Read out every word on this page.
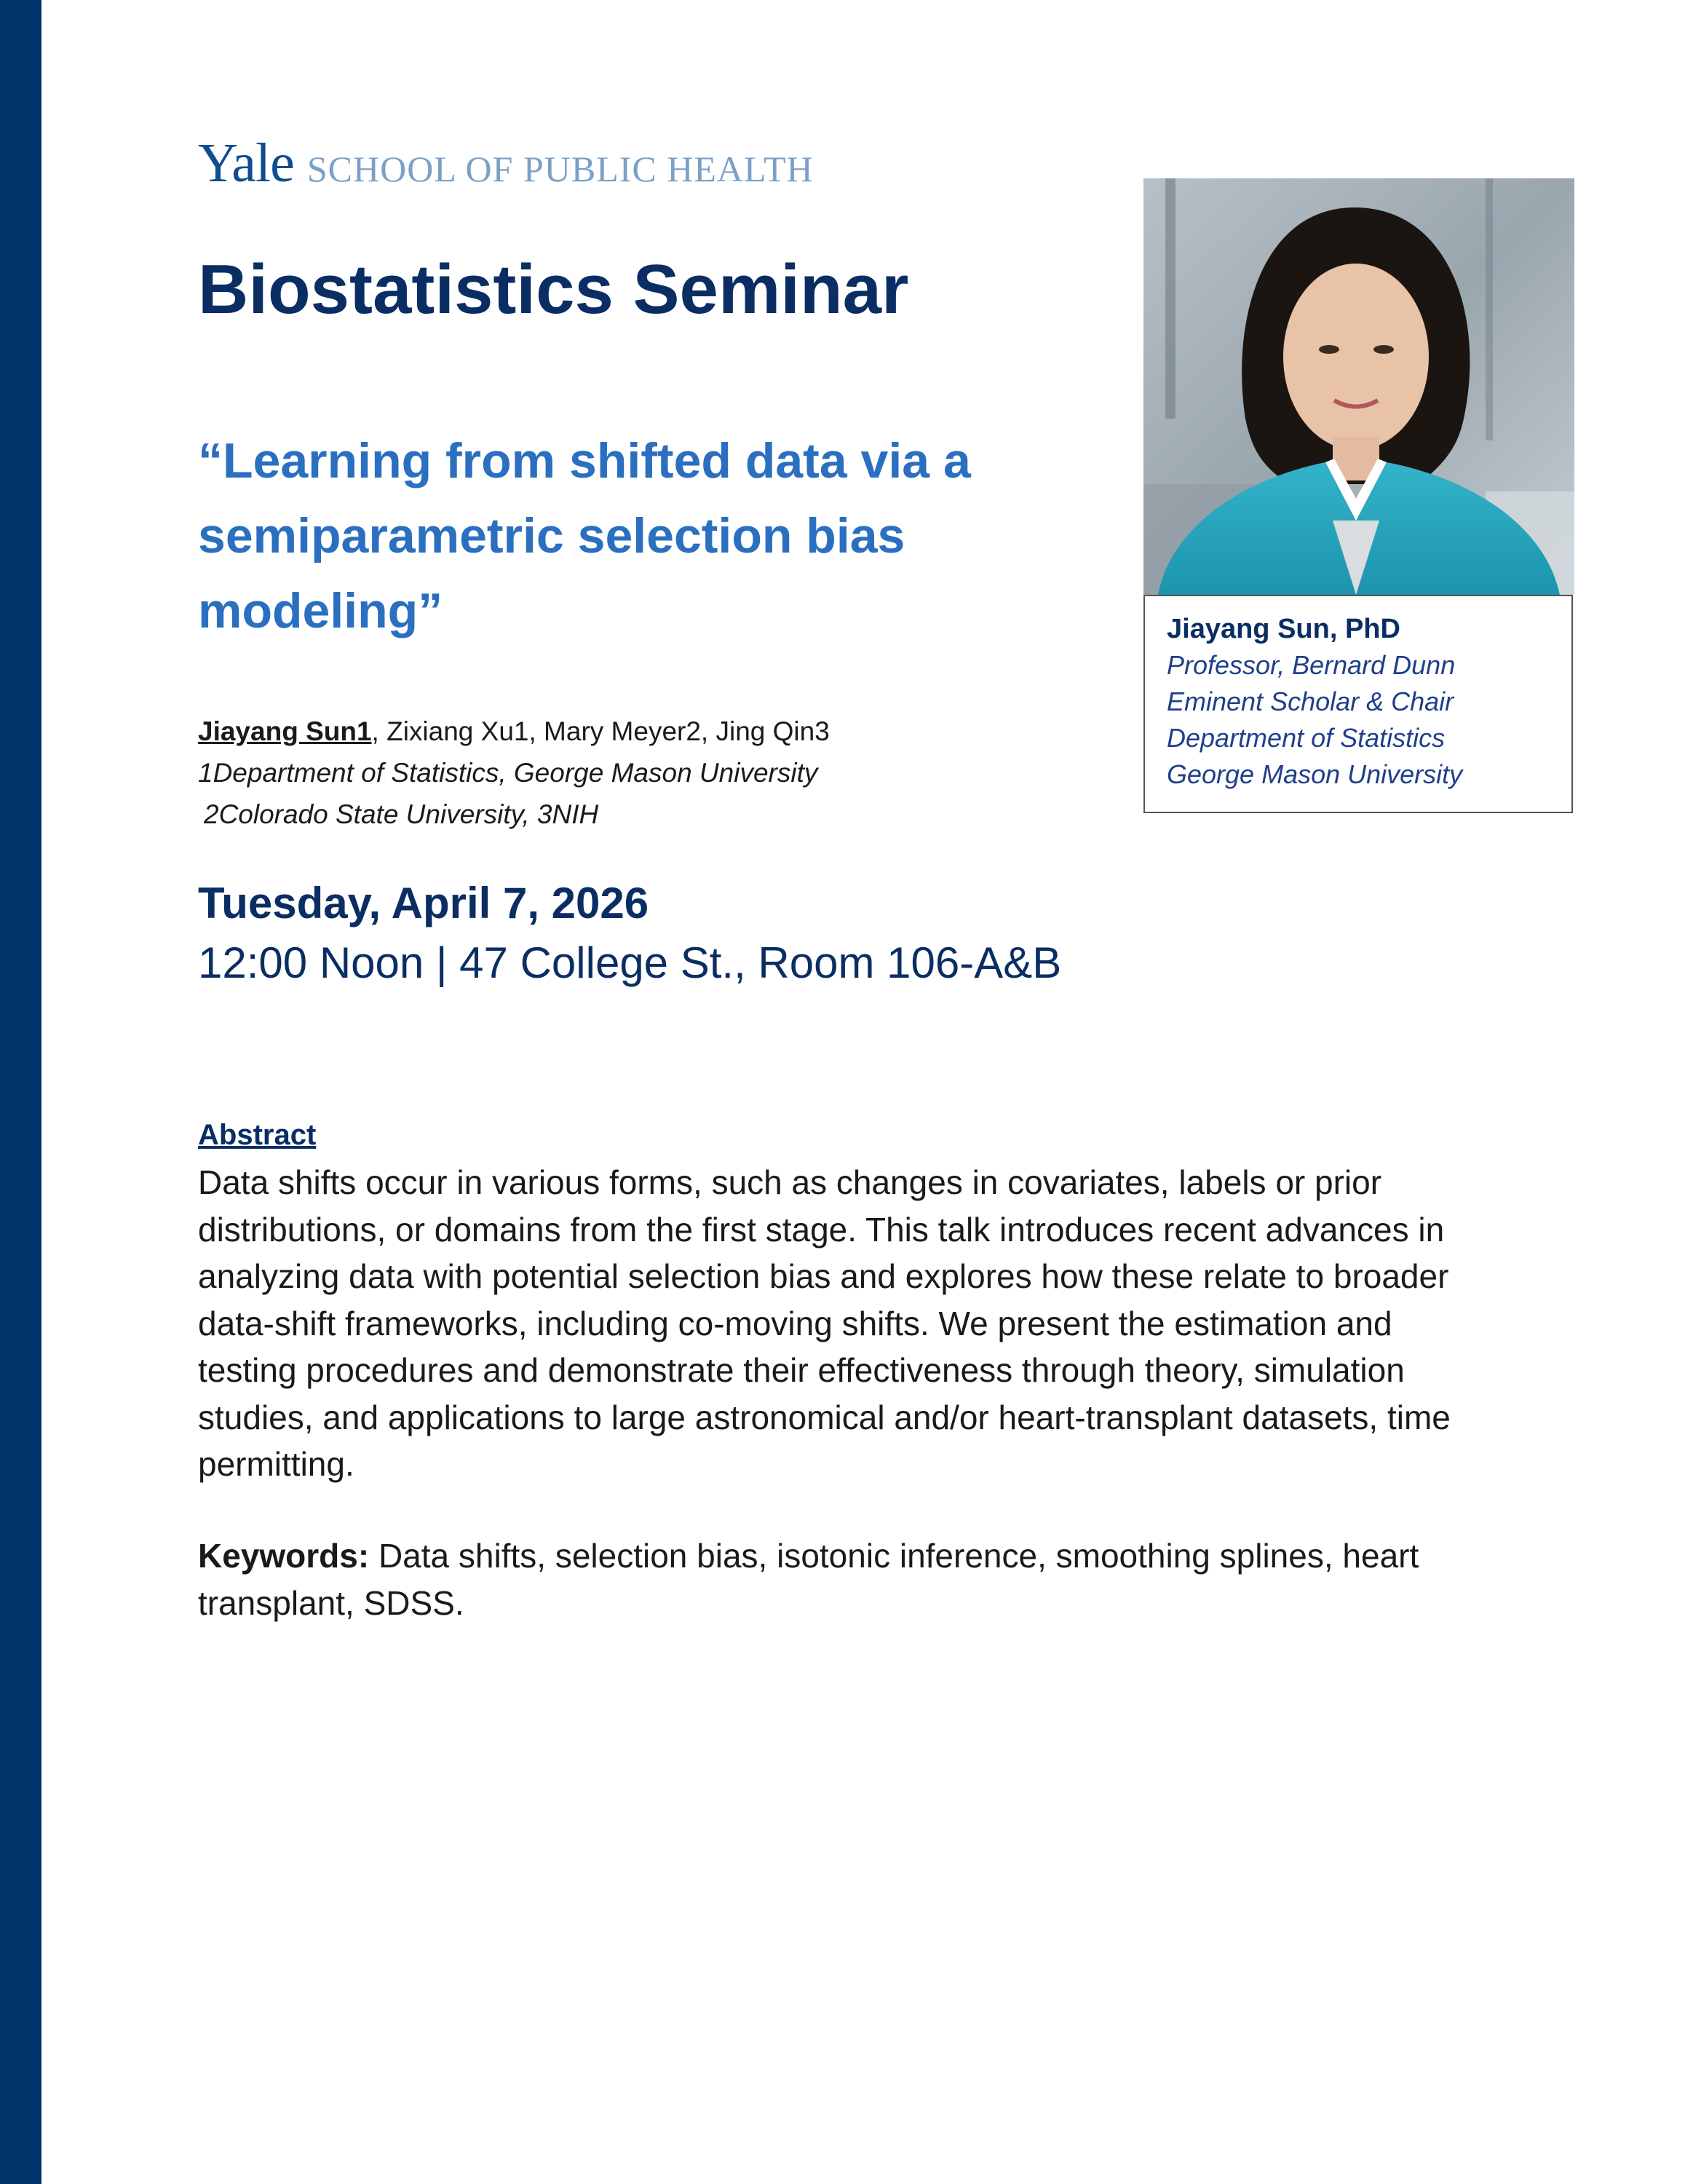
Yale SCHOOL OF PUBLIC HEALTH
Biostatistics Seminar
“Learning from shifted data via a semiparametric selection bias modeling”
Jiayang Sun1, Zixiang Xu1, Mary Meyer2, Jing Qin3
1Department of Statistics, George Mason University
2Colorado State University, 3NIH
Tuesday, April 7, 2026
12:00 Noon | 47 College St., Room 106-A&B
Abstract

Data shifts occur in various forms, such as changes in covariates, labels or prior distributions, or domains from the first stage. This talk introduces recent advances in analyzing data with potential selection bias and explores how these relate to broader data-shift frameworks, including co-moving shifts. We present the estimation and testing procedures and demonstrate their effectiveness through theory, simulation studies, and applications to large astronomical and/or heart-transplant datasets, time permitting.

Keywords: Data shifts, selection bias, isotonic inference, smoothing splines, heart transplant, SDSS.

Jiayang Sun, PhD
Professor, Bernard Dunn
Eminent Scholar & Chair
Department of Statistics
George Mason University
